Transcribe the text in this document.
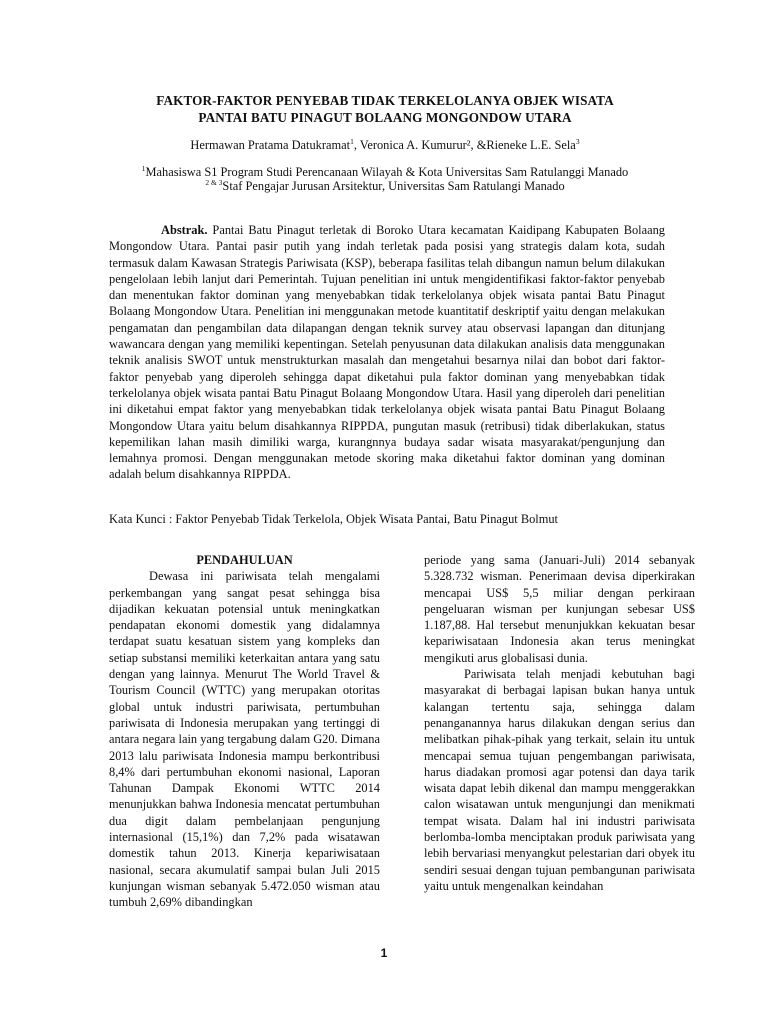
FAKTOR-FAKTOR PENYEBAB TIDAK TERKELOLANYA OBJEK WISATA
PANTAI BATU PINAGUT BOLAANG MONGONDOW UTARA
Hermawan Pratama Datukramat$^1$, Veronica A. Kumurur², &Rieneke L.E. Sela$^3$
$^1$Mahasiswa S1 Program Studi Perencanaan Wilayah & Kota Universitas Sam Ratulanggi Manado
$^{2 \& 3}$Staf Pengajar Jurusan Arsitektur, Universitas Sam Ratulangi Manado
Abstrak. Pantai Batu Pinagut terletak di Boroko Utara kecamatan Kaidipang Kabupaten Bolaang Mongondow Utara. Pantai pasir putih yang indah terletak pada posisi yang strategis dalam kota, sudah termasuk dalam Kawasan Strategis Pariwisata (KSP), beberapa fasilitas telah dibangun namun belum dilakukan pengelolaan lebih lanjut dari Pemerintah. Tujuan penelitian ini untuk mengidentifikasi faktor-faktor penyebab dan menentukan faktor dominan yang menyebabkan tidak terkelolanya objek wisata pantai Batu Pinagut Bolaang Mongondow Utara. Penelitian ini menggunakan metode kuantitatif deskriptif yaitu dengan melakukan pengamatan dan pengambilan data dilapangan dengan teknik survey atau observasi lapangan dan ditunjang wawancara dengan yang memiliki kepentingan. Setelah penyusunan data dilakukan analisis data menggunakan teknik analisis SWOT untuk menstrukturkan masalah dan mengetahui besarnya nilai dan bobot dari faktor-faktor penyebab yang diperoleh sehingga dapat diketahui pula faktor dominan yang menyebabkan tidak terkelolanya objek wisata pantai Batu Pinagut Bolaang Mongondow Utara. Hasil yang diperoleh dari penelitian ini diketahui empat faktor yang menyebabkan tidak terkelolanya objek wisata pantai Batu Pinagut Bolaang Mongondow Utara yaitu belum disahkannya RIPPDA, pungutan masuk (retribusi) tidak diberlakukan, status kepemilikan lahan masih dimiliki warga, kurangnnya budaya sadar wisata masyarakat/pengunjung dan lemahnya promosi. Dengan menggunakan metode skoring maka diketahui faktor dominan yang dominan adalah belum disahkannya RIPPDA.
Kata Kunci : Faktor Penyebab Tidak Terkelola, Objek Wisata Pantai, Batu Pinagut Bolmut
PENDAHULUAN

Dewasa ini pariwisata telah mengalami perkembangan yang sangat pesat sehingga bisa dijadikan kekuatan potensial untuk meningkatkan pendapatan ekonomi domestik yang didalamnya terdapat suatu kesatuan sistem yang kompleks dan setiap substansi memiliki keterkaitan antara yang satu dengan yang lainnya. Menurut The World Travel & Tourism Council (WTTC) yang merupakan otoritas global untuk industri pariwisata, pertumbuhan pariwisata di Indonesia merupakan yang tertinggi di antara negara lain yang tergabung dalam G20. Dimana 2013 lalu pariwisata Indonesia mampu berkontribusi 8,4% dari pertumbuhan ekonomi nasional, Laporan Tahunan Dampak Ekonomi WTTC 2014 menunjukkan bahwa Indonesia mencatat pertumbuhan dua digit dalam pembelanjaan pengunjung internasional (15,1%) dan 7,2% pada wisatawan domestik tahun 2013. Kinerja kepariwisataan nasional, secara akumulatif sampai bulan Juli 2015 kunjungan wisman sebanyak 5.472.050 wisman atau tumbuh 2,69% dibandingkan

periode yang sama (Januari-Juli) 2014 sebanyak 5.328.732 wisman. Penerimaan devisa diperkirakan mencapai US$ 5,5 miliar dengan perkiraan pengeluaran wisman per kunjungan sebesar US$ 1.187,88. Hal tersebut menunjukkan kekuatan besar kepariwisataan Indonesia akan terus meningkat mengikuti arus globalisasi dunia.

Pariwisata telah menjadi kebutuhan bagi masyarakat di berbagai lapisan bukan hanya untuk kalangan tertentu saja, sehingga dalam penanganannya harus dilakukan dengan serius dan melibatkan pihak-pihak yang terkait, selain itu untuk mencapai semua tujuan pengembangan pariwisata, harus diadakan promosi agar potensi dan daya tarik wisata dapat lebih dikenal dan mampu menggerakkan calon wisatawan untuk mengunjungi dan menikmati tempat wisata. Dalam hal ini industri pariwisata berlomba-lomba menciptakan produk pariwisata yang lebih bervariasi menyangkut pelestarian dari obyek itu sendiri sesuai dengan tujuan pembangunan pariwisata yaitu untuk mengenalkan keindahan

1
